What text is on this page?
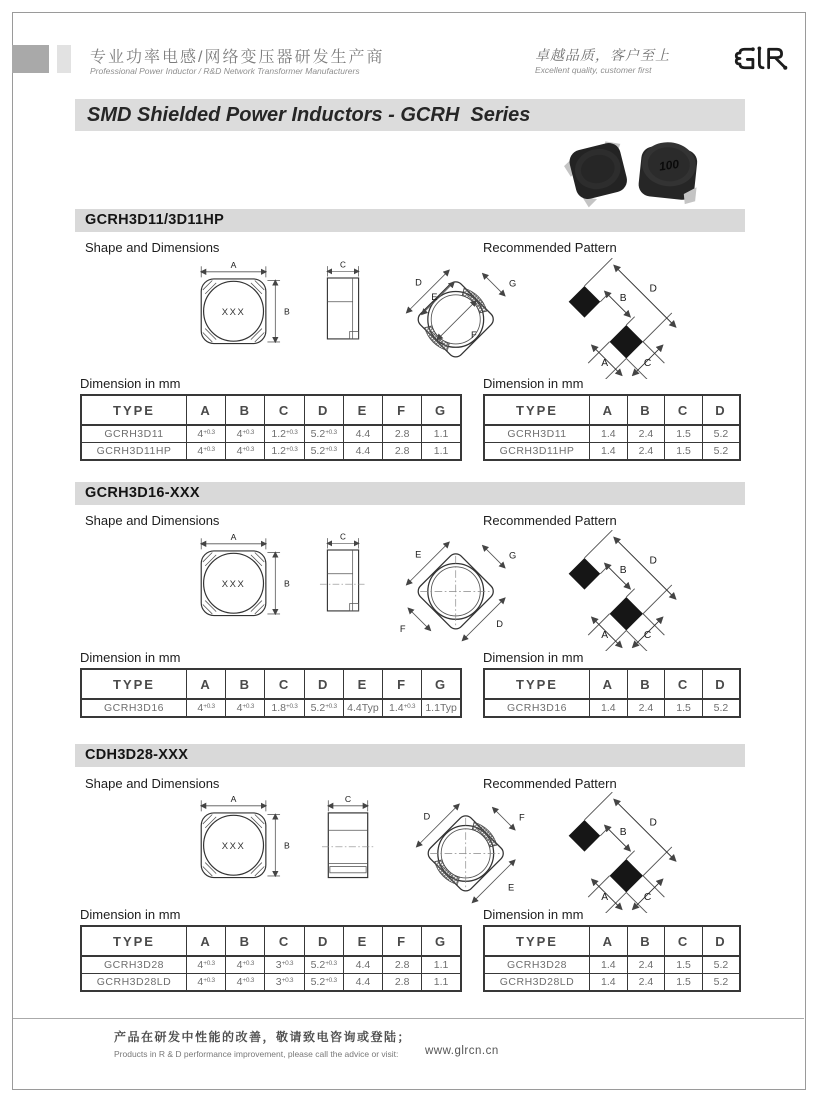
专业功率电感/网络变压器研发生产商
Professional Power Inductor / R&D Network Transformer Manufacturers
卓越品质，客户至上
Excellent quality, customer first
SMD Shielded Power Inductors - GCRH  Series
100
GCRH3D11/3D11HP
Shape and Dimensions	Recommended Pattern
A
XXX	B
C
D
E
G
F
D
B
A	C
Dimension in mm	Dimension in mm
TYPE	A	B	C	D	E	F	G
GCRH3D11	$4^{+0.3}$	$4^{+0.3}$	$1.2^{+0.3}$	$5.2^{+0.3}$	4.4	2.8	1.1
GCRH3D11HP	$4^{+0.3}$	$4^{+0.3}$	$1.2^{+0.3}$	$5.2^{+0.3}$	4.4	2.8	1.1
TYPE	A	B	C	D
GCRH3D11	1.4	2.4	1.5	5.2
GCRH3D11HP	1.4	2.4	1.5	5.2
GCRH3D16-XXX
Shape and Dimensions	Recommended Pattern
A
XXX	B
C
E	G
D
F
D
B
A	C
Dimension in mm	Dimension in mm
TYPE	A	B	C	D	E	F	G
GCRH3D16	$4^{+0.3}$	$4^{+0.3}$	$1.8^{+0.3}$	$5.2^{+0.3}$	4.4Typ	$1.4^{+0.3}$	1.1Typ
TYPE	A	B	C	D
GCRH3D16	1.4	2.4	1.5	5.2
CDH3D28-XXX
Shape and Dimensions	Recommended Pattern
A
XXX	B
C
D	F
E
D
B
A	C
Dimension in mm	Dimension in mm
TYPE	A	B	C	D	E	F	G
GCRH3D28	$4^{+0.3}$	$4^{+0.3}$	$3^{+0.3}$	$5.2^{+0.3}$	4.4	2.8	1.1
GCRH3D28LD	$4^{+0.3}$	$4^{+0.3}$	$3^{+0.3}$	$5.2^{+0.3}$	4.4	2.8	1.1
TYPE	A	B	C	D
GCRH3D28	1.4	2.4	1.5	5.2
GCRH3D28LD	1.4	2.4	1.5	5.2
产品在研发中性能的改善，敬请致电咨询或登陆；
Products in R & D performance improvement, please call the advice or visit: www.glrcn.cn
